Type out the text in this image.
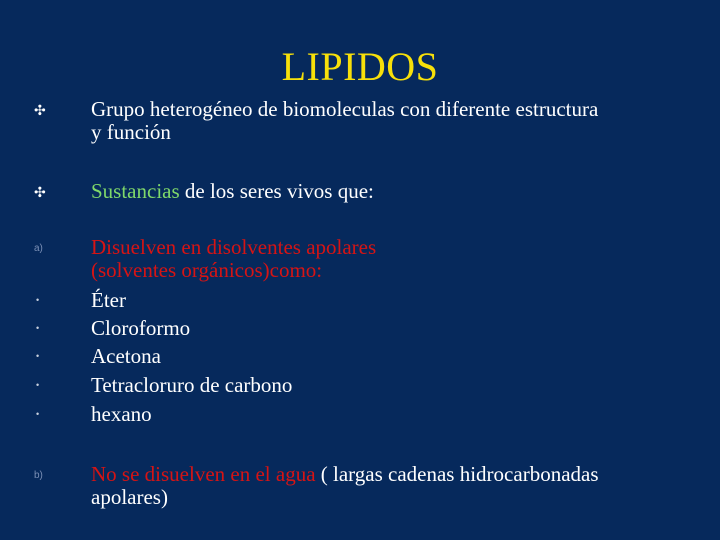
LIPIDOS
✣ Grupo heterogéneo de biomoleculas con diferente estructura
y función
✣ Sustancias de los seres vivos que:
a) Disuelven en disolventes apolares
(solventes orgánicos)como:
• Éter
• Cloroformo
• Acetona
• Tetracloruro de carbono
• hexano
b) No se disuelven en el agua ( largas cadenas hidrocarbonadas
apolares)
